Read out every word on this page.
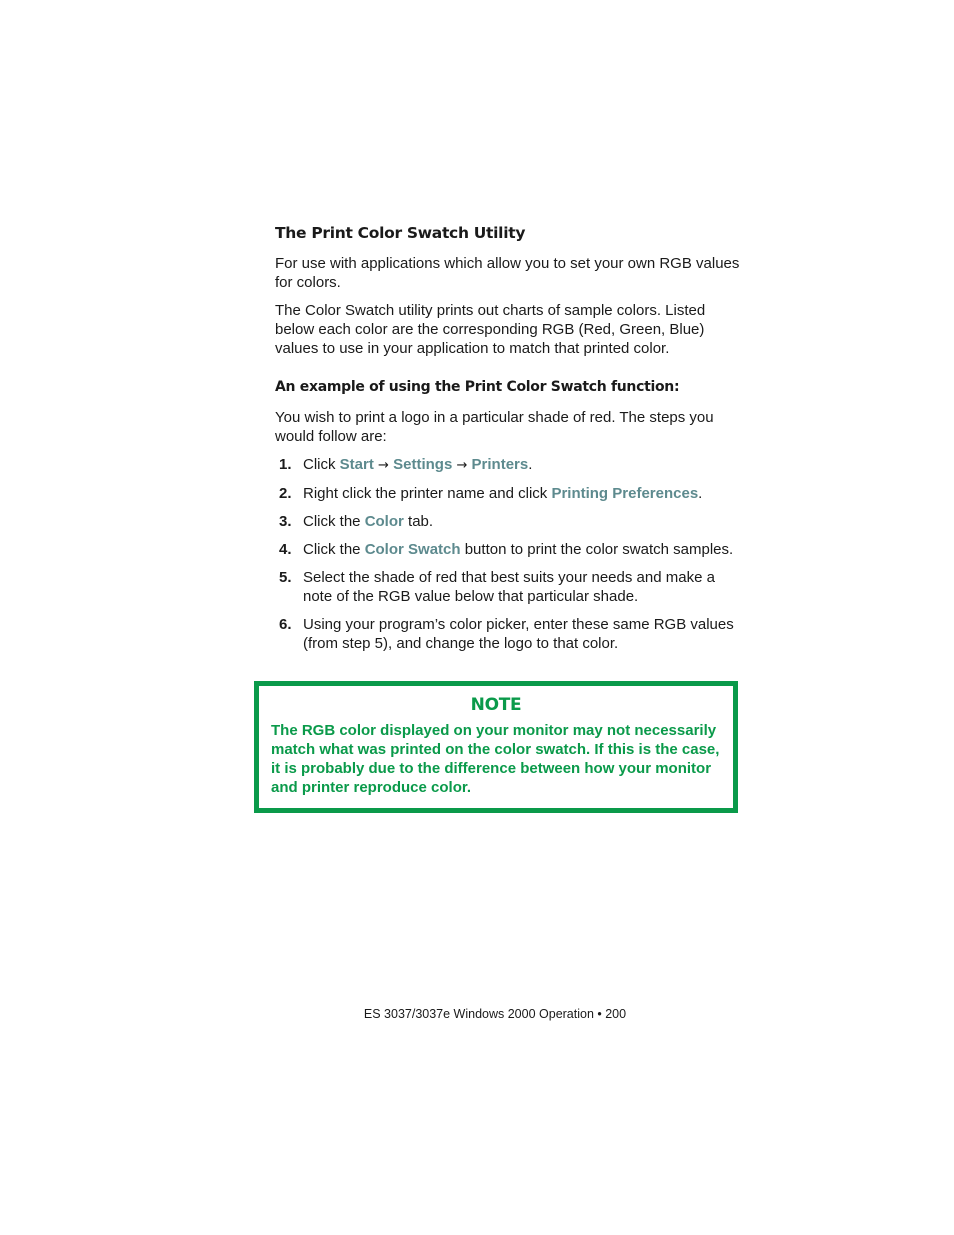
The Print Color Swatch Utility

For use with applications which allow you to set your own RGB values for colors.

The Color Swatch utility prints out charts of sample colors. Listed below each color are the corresponding RGB (Red, Green, Blue) values to use in your application to match that printed color.

An example of using the Print Color Swatch function:

You wish to print a logo in a particular shade of red. The steps you would follow are:

1. Click Start → Settings → Printers.
2. Right click the printer name and click Printing Preferences.
3. Click the Color tab.
4. Click the Color Swatch button to print the color swatch samples.
5. Select the shade of red that best suits your needs and make a note of the RGB value below that particular shade.
6. Using your program’s color picker, enter these same RGB values (from step 5), and change the logo to that color.
NOTE
The RGB color displayed on your monitor may not necessarily match what was printed on the color swatch. If this is the case, it is probably due to the difference between how your monitor and printer reproduce color.
ES 3037/3037e Windows 2000 Operation • 200
